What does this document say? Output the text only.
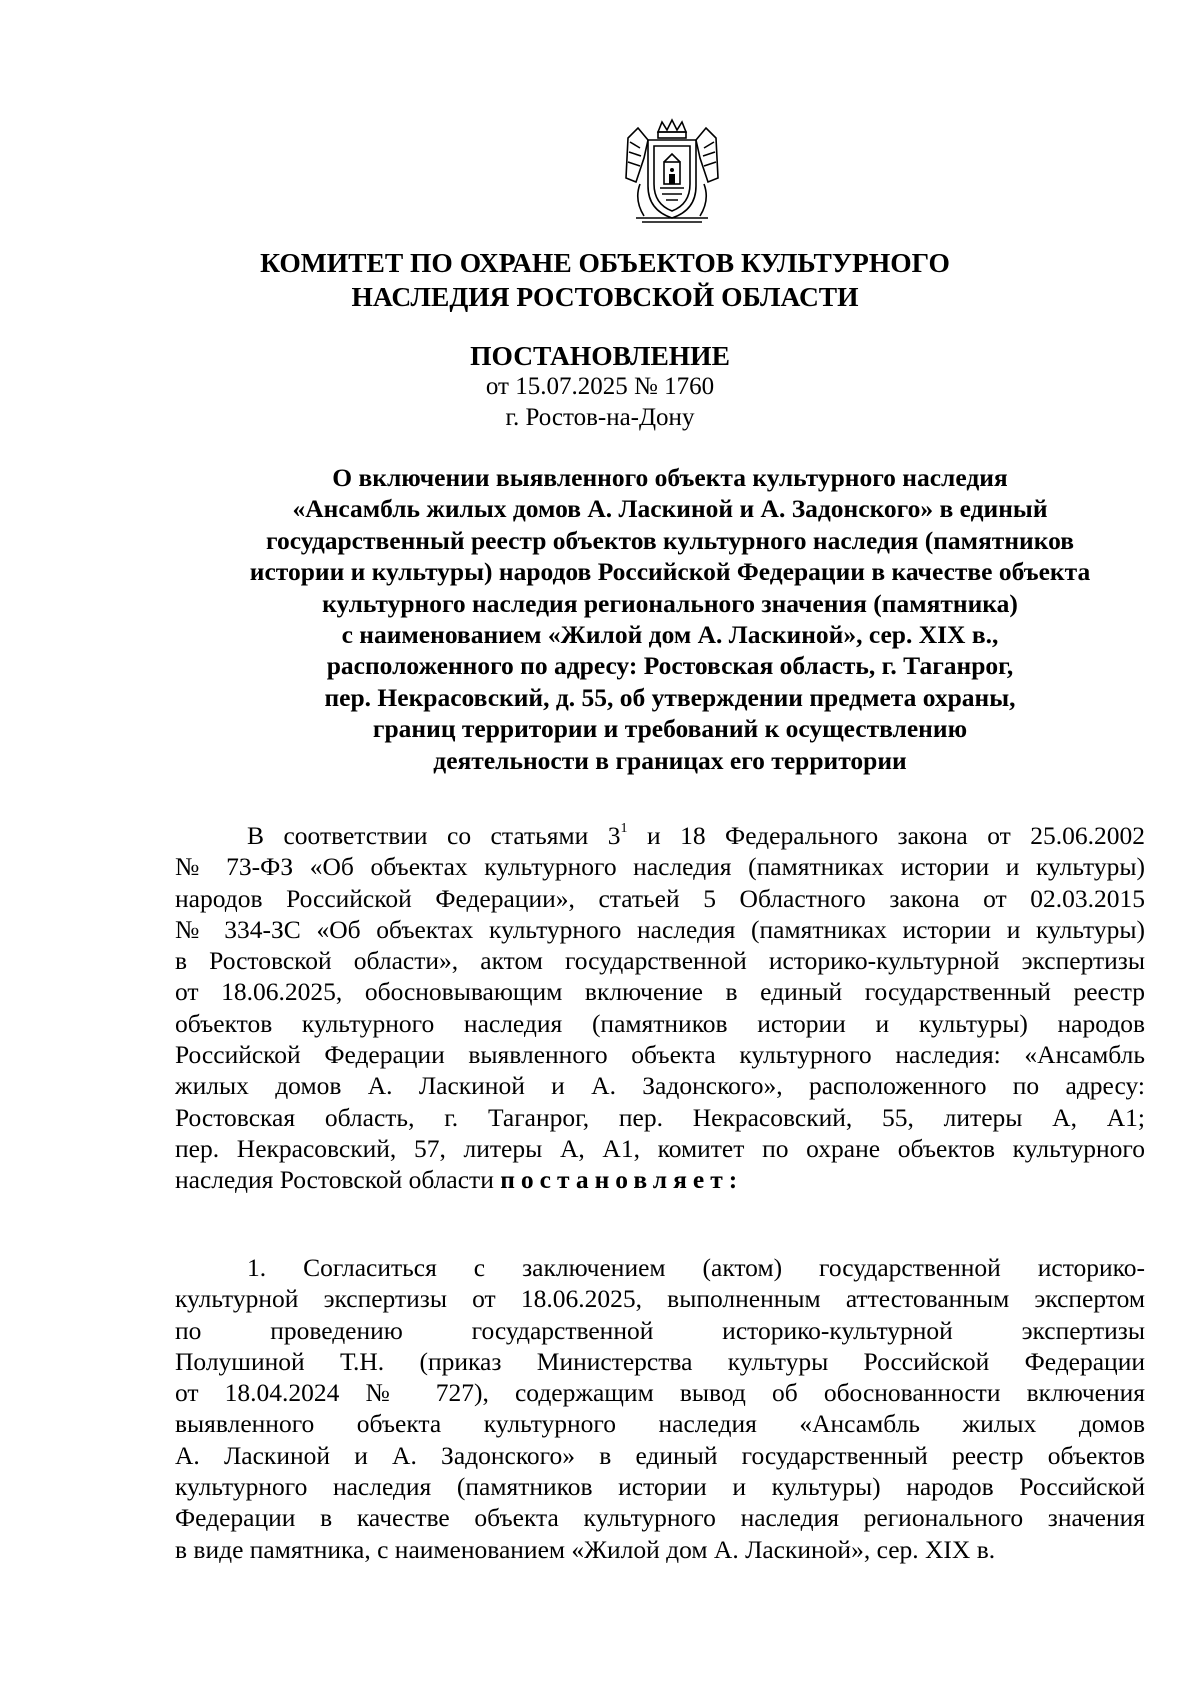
КОМИТЕТ ПО ОХРАНЕ ОБЪЕКТОВ КУЛЬТУРНОГО
НАСЛЕДИЯ РОСТОВСКОЙ ОБЛАСТИ
ПОСТАНОВЛЕНИЕ
от 15.07.2025 № 1760
г. Ростов-на-Дону
О включении выявленного объекта культурного наследия
«Ансамбль жилых домов А. Ласкиной и А. Задонского» в единый
государственный реестр объектов культурного наследия (памятников
истории и культуры) народов Российской Федерации в качестве объекта
культурного наследия регионального значения (памятника)
с наименованием «Жилой дом А. Ласкиной», сер. XIX в.,
расположенного по адресу: Ростовская область, г. Таганрог,
пер. Некрасовский, д. 55, об утверждении предмета охраны,
границ территории и требований к осуществлению
деятельности в границах его территории
В соответствии со статьями $3^1$ и 18 Федерального закона от 25.06.2002
№ 73-ФЗ «Об объектах культурного наследия (памятниках истории и культуры)
народов Российской Федерации», статьей 5 Областного закона от 02.03.2015
№ 334-ЗС «Об объектах культурного наследия (памятниках истории и культуры)
в Ростовской области», актом государственной историко-культурной экспертизы
от 18.06.2025, обосновывающим включение в единый государственный реестр
объектов культурного наследия (памятников истории и культуры) народов
Российской Федерации выявленного объекта культурного наследия: «Ансамбль
жилых домов А. Ласкиной и А. Задонского», расположенного по адресу:
Ростовская область, г. Таганрог, пер. Некрасовский, 55, литеры А, А1;
пер. Некрасовский, 57, литеры А, А1, комитет по охране объектов культурного
наследия Ростовской области постановляет:
1. Согласиться с заключением (актом) государственной историко-
культурной экспертизы от 18.06.2025, выполненным аттестованным экспертом
по проведению государственной историко-культурной экспертизы
Полушиной Т.Н. (приказ Министерства культуры Российской Федерации
от 18.04.2024 № 727), содержащим вывод об обоснованности включения
выявленного объекта культурного наследия «Ансамбль жилых домов
А. Ласкиной и А. Задонского» в единый государственный реестр объектов
культурного наследия (памятников истории и культуры) народов Российской
Федерации в качестве объекта культурного наследия регионального значения
в виде памятника, с наименованием «Жилой дом А. Ласкиной», сер. XIX в.
